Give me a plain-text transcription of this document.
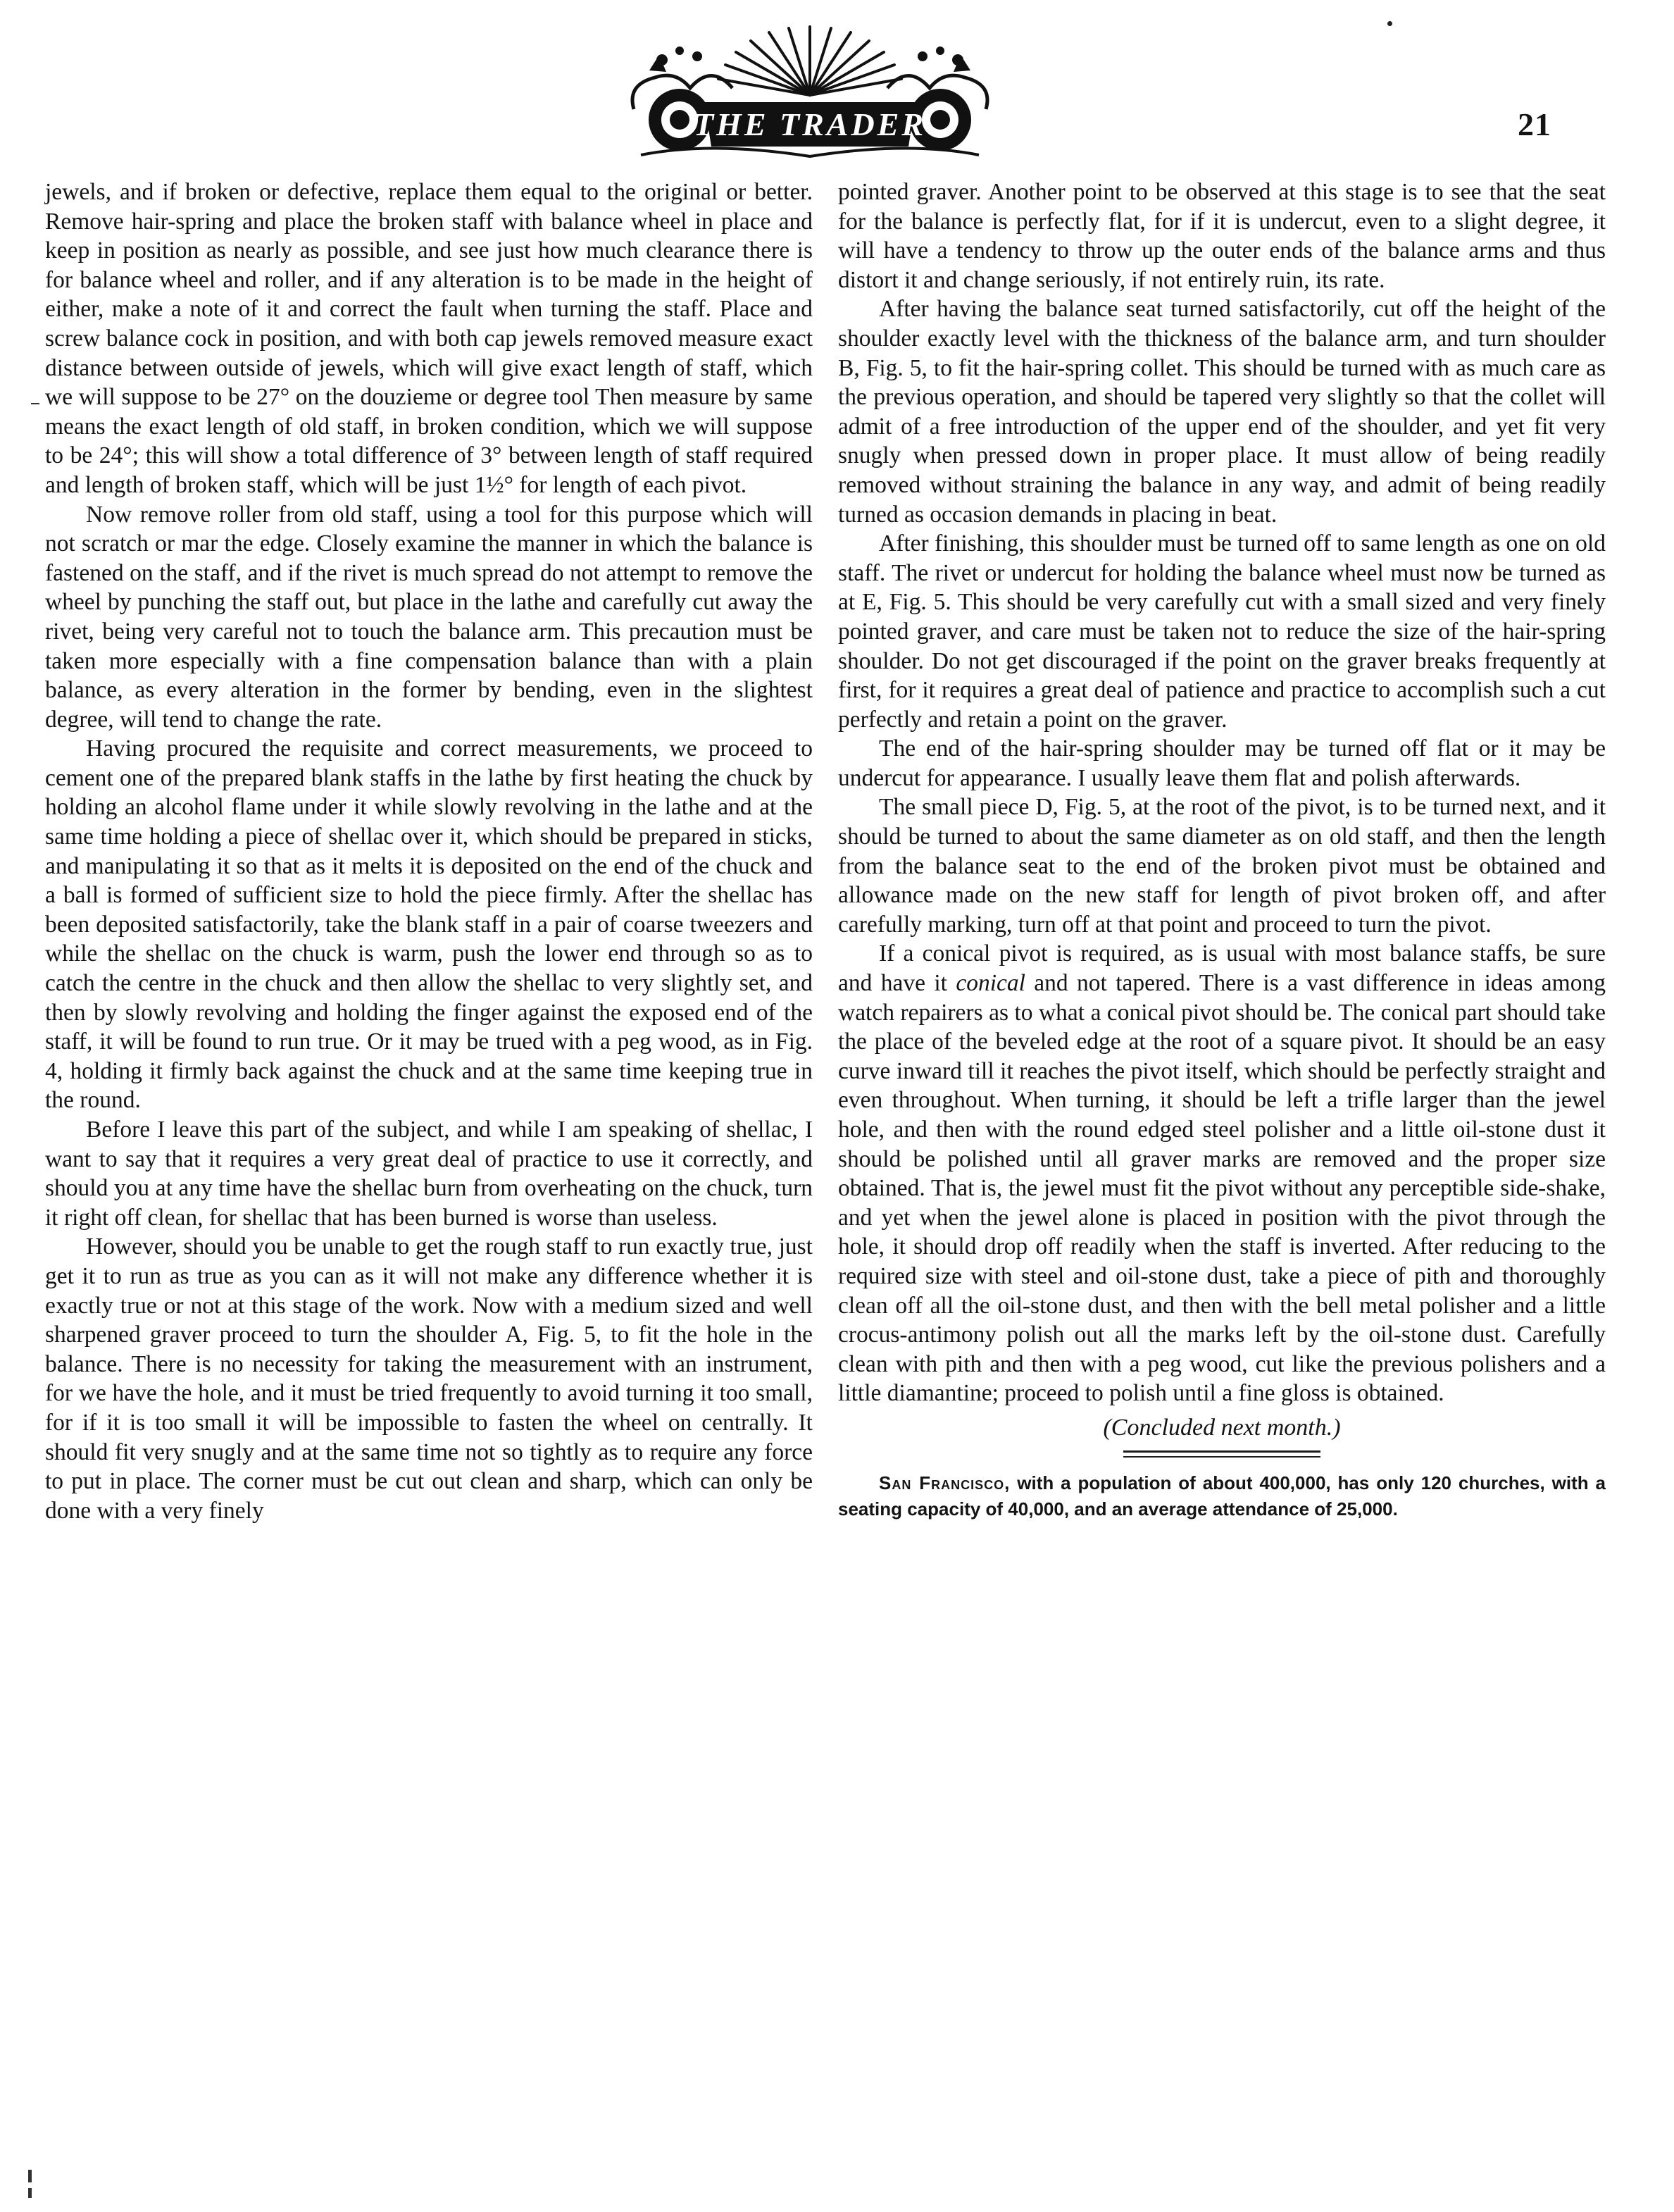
THE TRADER	21

jewels, and if broken or defective, replace them equal to the original or better. Remove hair-spring and place the broken staff with balance wheel in place and keep in position as nearly as possible, and see just how much clearance there is for balance wheel and roller, and if any alteration is to be made in the height of either, make a note of it and correct the fault when turning the staff. Place and screw balance cock in position, and with both cap jewels removed measure exact distance between outside of jewels, which will give exact length of staff, which we will suppose to be 27° on the douzieme or degree tool Then measure by same means the exact length of old staff, in broken condition, which we will suppose to be 24°; this will show a total difference of 3° between length of staff required and length of broken staff, which will be just 1½° for length of each pivot.

Now remove roller from old staff, using a tool for this purpose which will not scratch or mar the edge. Closely examine the manner in which the balance is fastened on the staff, and if the rivet is much spread do not attempt to remove the wheel by punching the staff out, but place in the lathe and carefully cut away the rivet, being very careful not to touch the balance arm. This precaution must be taken more especially with a fine compensation balance than with a plain balance, as every alteration in the former by bending, even in the slightest degree, will tend to change the rate.

Having procured the requisite and correct measurements, we proceed to cement one of the prepared blank staffs in the lathe by first heating the chuck by holding an alcohol flame under it while slowly revolving in the lathe and at the same time holding a piece of shellac over it, which should be prepared in sticks, and manipulating it so that as it melts it is deposited on the end of the chuck and a ball is formed of sufficient size to hold the piece firmly. After the shellac has been deposited satisfactorily, take the blank staff in a pair of coarse tweezers and while the shellac on the chuck is warm, push the lower end through so as to catch the centre in the chuck and then allow the shellac to very slightly set, and then by slowly revolving and holding the finger against the exposed end of the staff, it will be found to run true. Or it may be trued with a peg wood, as in Fig. 4, holding it firmly back against the chuck and at the same time keeping true in the round.

Before I leave this part of the subject, and while I am speaking of shellac, I want to say that it requires a very great deal of practice to use it correctly, and should you at any time have the shellac burn from overheating on the chuck, turn it right off clean, for shellac that has been burned is worse than useless.

However, should you be unable to get the rough staff to run exactly true, just get it to run as true as you can as it will not make any difference whether it is exactly true or not at this stage of the work. Now with a medium sized and well sharpened graver proceed to turn the shoulder A, Fig. 5, to fit the hole in the balance. There is no necessity for taking the measurement with an instrument, for we have the hole, and it must be tried frequently to avoid turning it too small, for if it is too small it will be impossible to fasten the wheel on centrally. It should fit very snugly and at the same time not so tightly as to require any force to put in place. The corner must be cut out clean and sharp, which can only be done with a very finely

pointed graver. Another point to be observed at this stage is to see that the seat for the balance is perfectly flat, for if it is undercut, even to a slight degree, it will have a tendency to throw up the outer ends of the balance arms and thus distort it and change seriously, if not entirely ruin, its rate.

After having the balance seat turned satisfactorily, cut off the height of the shoulder exactly level with the thickness of the balance arm, and turn shoulder B, Fig. 5, to fit the hair-spring collet. This should be turned with as much care as the previous operation, and should be tapered very slightly so that the collet will admit of a free introduction of the upper end of the shoulder, and yet fit very snugly when pressed down in proper place. It must allow of being readily removed without straining the balance in any way, and admit of being readily turned as occasion demands in placing in beat.

After finishing, this shoulder must be turned off to same length as one on old staff. The rivet or undercut for holding the balance wheel must now be turned as at E, Fig. 5. This should be very carefully cut with a small sized and very finely pointed graver, and care must be taken not to reduce the size of the hair-spring shoulder. Do not get discouraged if the point on the graver breaks frequently at first, for it requires a great deal of patience and practice to accomplish such a cut perfectly and retain a point on the graver.

The end of the hair-spring shoulder may be turned off flat or it may be undercut for appearance. I usually leave them flat and polish afterwards.

The small piece D, Fig. 5, at the root of the pivot, is to be turned next, and it should be turned to about the same diameter as on old staff, and then the length from the balance seat to the end of the broken pivot must be obtained and allowance made on the new staff for length of pivot broken off, and after carefully marking, turn off at that point and proceed to turn the pivot.

If a conical pivot is required, as is usual with most balance staffs, be sure and have it conical and not tapered. There is a vast difference in ideas among watch repairers as to what a conical pivot should be. The conical part should take the place of the beveled edge at the root of a square pivot. It should be an easy curve inward till it reaches the pivot itself, which should be perfectly straight and even throughout. When turning, it should be left a trifle larger than the jewel hole, and then with the round edged steel polisher and a little oil-stone dust it should be polished until all graver marks are removed and the proper size obtained. That is, the jewel must fit the pivot without any perceptible side-shake, and yet when the jewel alone is placed in position with the pivot through the hole, it should drop off readily when the staff is inverted. After reducing to the required size with steel and oil-stone dust, take a piece of pith and thoroughly clean off all the oil-stone dust, and then with the bell metal polisher and a little crocus-antimony polish out all the marks left by the oil-stone dust. Carefully clean with pith and then with a peg wood, cut like the previous polishers and a little diamantine; proceed to polish until a fine gloss is obtained.

(Concluded next month.)

San Francisco, with a population of about 400,000, has only 120 churches, with a seating capacity of 40,000, and an average attendance of 25,000.
